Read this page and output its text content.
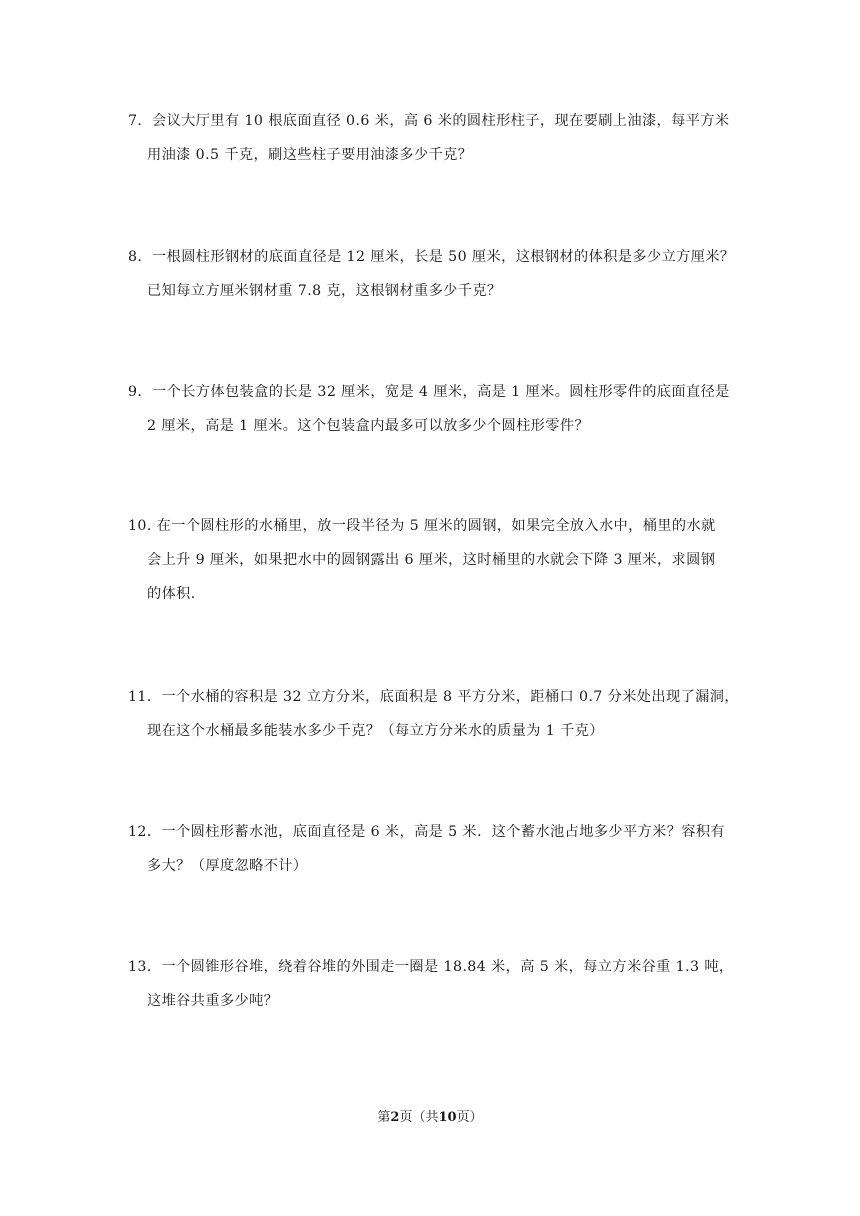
7．会议大厅里有 10 根底面直径 0.6 米，高 6 米的圆柱形柱子，现在要刷上油漆，每平方米
用油漆 0.5 千克，刷这些柱子要用油漆多少千克？
8．一根圆柱形钢材的底面直径是 12 厘米，长是 50 厘米，这根钢材的体积是多少立方厘米？
已知每立方厘米钢材重 7.8 克，这根钢材重多少千克？
9．一个长方体包装盒的长是 32 厘米，宽是 4 厘米，高是 1 厘米。圆柱形零件的底面直径是
2 厘米，高是 1 厘米。这个包装盒内最多可以放多少个圆柱形零件？
10. 在一个圆柱形的水桶里，放一段半径为 5 厘米的圆钢，如果完全放入水中，桶里的水就
会上升 9 厘米，如果把水中的圆钢露出 6 厘米，这时桶里的水就会下降 3 厘米，求圆钢
的体积.
11．一个水桶的容积是 32 立方分米，底面积是 8 平方分米，距桶口 0.7 分米处出现了漏洞，
现在这个水桶最多能装水多少千克？（每立方分米水的质量为 1 千克）
12．一个圆柱形蓄水池，底面直径是 6 米，高是 5 米．这个蓄水池占地多少平方米？容积有
多大？（厚度忽略不计）
13．一个圆锥形谷堆，绕着谷堆的外围走一圈是 18.84 米，高 5 米，每立方米谷重 1.3 吨，
这堆谷共重多少吨？
第2页（共10页）
